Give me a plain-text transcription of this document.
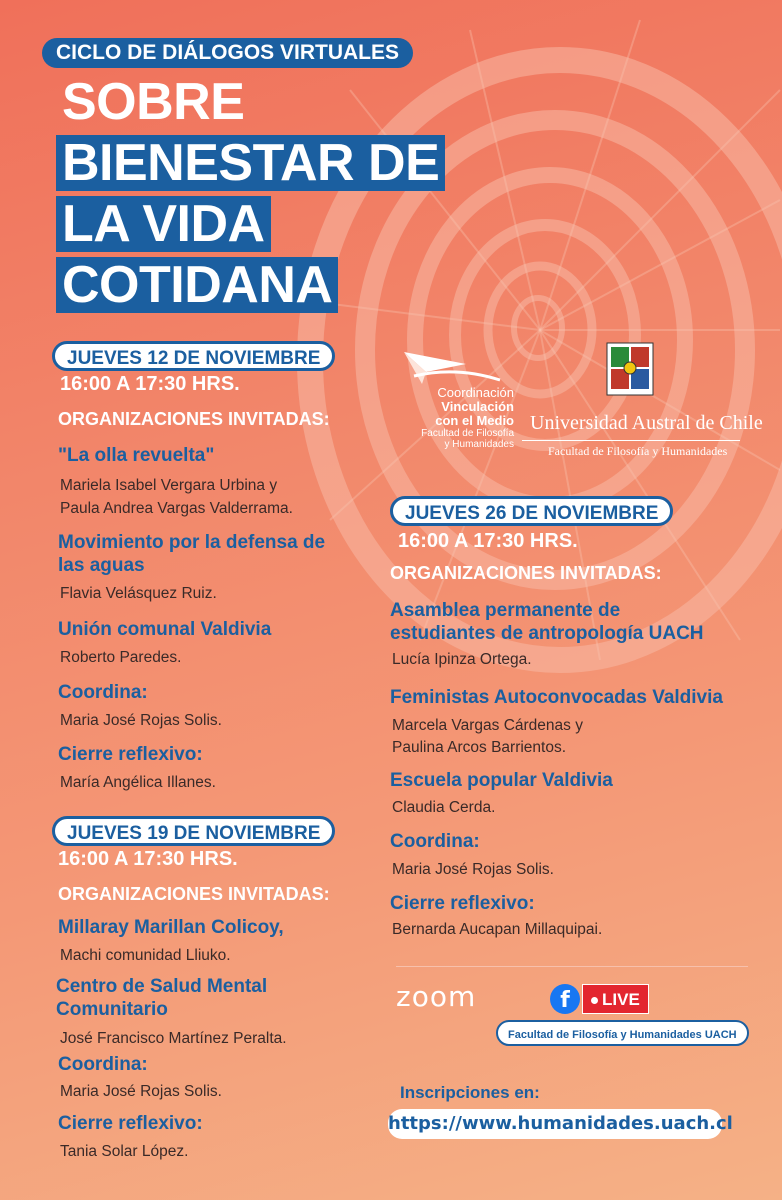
CICLO DE DIÁLOGOS VIRTUALES
SOBRE
BIENESTAR DE
LA VIDA
COTIDANA
Coordinación
Vinculación
con el Medio
Facultad de Filosofía
y Humanidades
Universidad Austral de Chile
Facultad de Filosofía y Humanidades
JUEVES 12 DE NOVIEMBRE
16:00 A 17:30 HRS.
ORGANIZACIONES INVITADAS:
"La olla revuelta"
Mariela Isabel Vergara Urbina y
Paula Andrea Vargas Valderrama.
Movimiento por la defensa de
las aguas
Flavia Velásquez Ruiz.
Unión comunal Valdivia
Roberto Paredes.
Coordina:
Maria José Rojas Solis.
Cierre reflexivo:
María Angélica Illanes.
JUEVES 19 DE NOVIEMBRE
16:00 A 17:30 HRS.
ORGANIZACIONES INVITADAS:
Millaray Marillan Colicoy,
Machi comunidad Lliuko.
Centro de Salud Mental
Comunitario
José Francisco Martínez Peralta.
Coordina:
Maria José Rojas Solis.
Cierre reflexivo:
Tania Solar López.
JUEVES 26 DE NOVIEMBRE
16:00 A 17:30 HRS.
ORGANIZACIONES INVITADAS:
Asamblea permanente de
estudiantes de antropología UACH
Lucía Ipinza Ortega.
Feministas Autoconvocadas Valdivia
Marcela Vargas Cárdenas y
Paulina Arcos Barrientos.
Escuela popular Valdivia
Claudia Cerda.
Coordina:
Maria José Rojas Solis.
Cierre reflexivo:
Bernarda Aucapan Millaquipai.
zoom	f	LIVE
Facultad de Filosofía y Humanidades UACH
Inscripciones en:
https://www.humanidades.uach.cl
